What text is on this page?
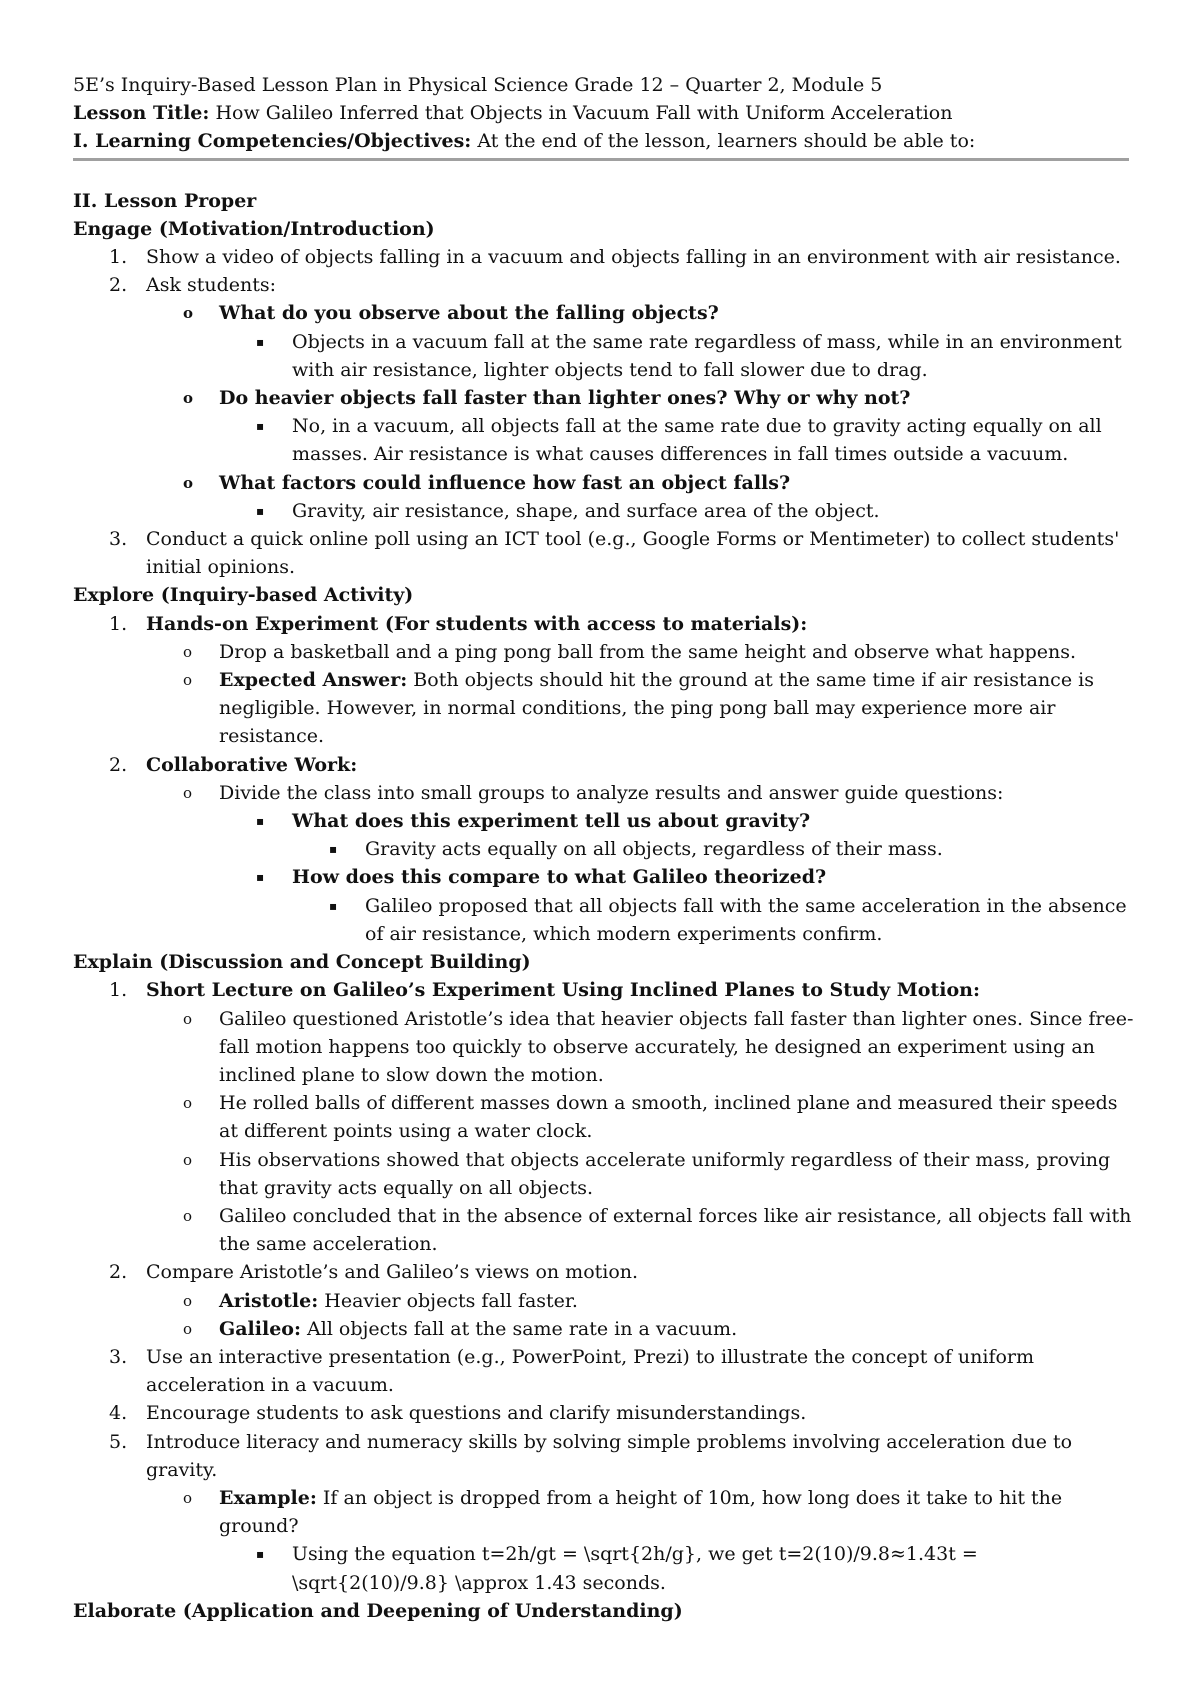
5E’s Inquiry-Based Lesson Plan in Physical Science Grade 12 – Quarter 2, Module 5
Lesson Title: How Galileo Inferred that Objects in Vacuum Fall with Uniform Acceleration
I. Learning Competencies/Objectives: At the end of the lesson, learners should be able to:
II. Lesson Proper
Engage (Motivation/Introduction)
1. Show a video of objects falling in a vacuum and objects falling in an environment with air resistance.
2. Ask students:
o What do you observe about the falling objects?
▪ Objects in a vacuum fall at the same rate regardless of mass, while in an environment with air resistance, lighter objects tend to fall slower due to drag.
o Do heavier objects fall faster than lighter ones? Why or why not?
▪ No, in a vacuum, all objects fall at the same rate due to gravity acting equally on all masses. Air resistance is what causes differences in fall times outside a vacuum.
o What factors could influence how fast an object falls?
▪ Gravity, air resistance, shape, and surface area of the object.
3. Conduct a quick online poll using an ICT tool (e.g., Google Forms or Mentimeter) to collect students' initial opinions.
Explore (Inquiry-based Activity)
1. Hands-on Experiment (For students with access to materials):
o Drop a basketball and a ping pong ball from the same height and observe what happens.
o Expected Answer: Both objects should hit the ground at the same time if air resistance is negligible. However, in normal conditions, the ping pong ball may experience more air resistance.
2. Collaborative Work:
o Divide the class into small groups to analyze results and answer guide questions:
▪ What does this experiment tell us about gravity?
▪ Gravity acts equally on all objects, regardless of their mass.
▪ How does this compare to what Galileo theorized?
▪ Galileo proposed that all objects fall with the same acceleration in the absence of air resistance, which modern experiments confirm.
Explain (Discussion and Concept Building)
1. Short Lecture on Galileo’s Experiment Using Inclined Planes to Study Motion:
o Galileo questioned Aristotle’s idea that heavier objects fall faster than lighter ones. Since free-fall motion happens too quickly to observe accurately, he designed an experiment using an inclined plane to slow down the motion.
o He rolled balls of different masses down a smooth, inclined plane and measured their speeds at different points using a water clock.
o His observations showed that objects accelerate uniformly regardless of their mass, proving that gravity acts equally on all objects.
o Galileo concluded that in the absence of external forces like air resistance, all objects fall with the same acceleration.
2. Compare Aristotle’s and Galileo’s views on motion.
o Aristotle: Heavier objects fall faster.
o Galileo: All objects fall at the same rate in a vacuum.
3. Use an interactive presentation (e.g., PowerPoint, Prezi) to illustrate the concept of uniform acceleration in a vacuum.
4. Encourage students to ask questions and clarify misunderstandings.
5. Introduce literacy and numeracy skills by solving simple problems involving acceleration due to gravity.
o Example: If an object is dropped from a height of 10m, how long does it take to hit the ground?
▪ Using the equation t=2h/gt = \sqrt{2h/g}, we get t=2(10)/9.8≈1.43t = \sqrt{2(10)/9.8} \approx 1.43 seconds.
Elaborate (Application and Deepening of Understanding)
